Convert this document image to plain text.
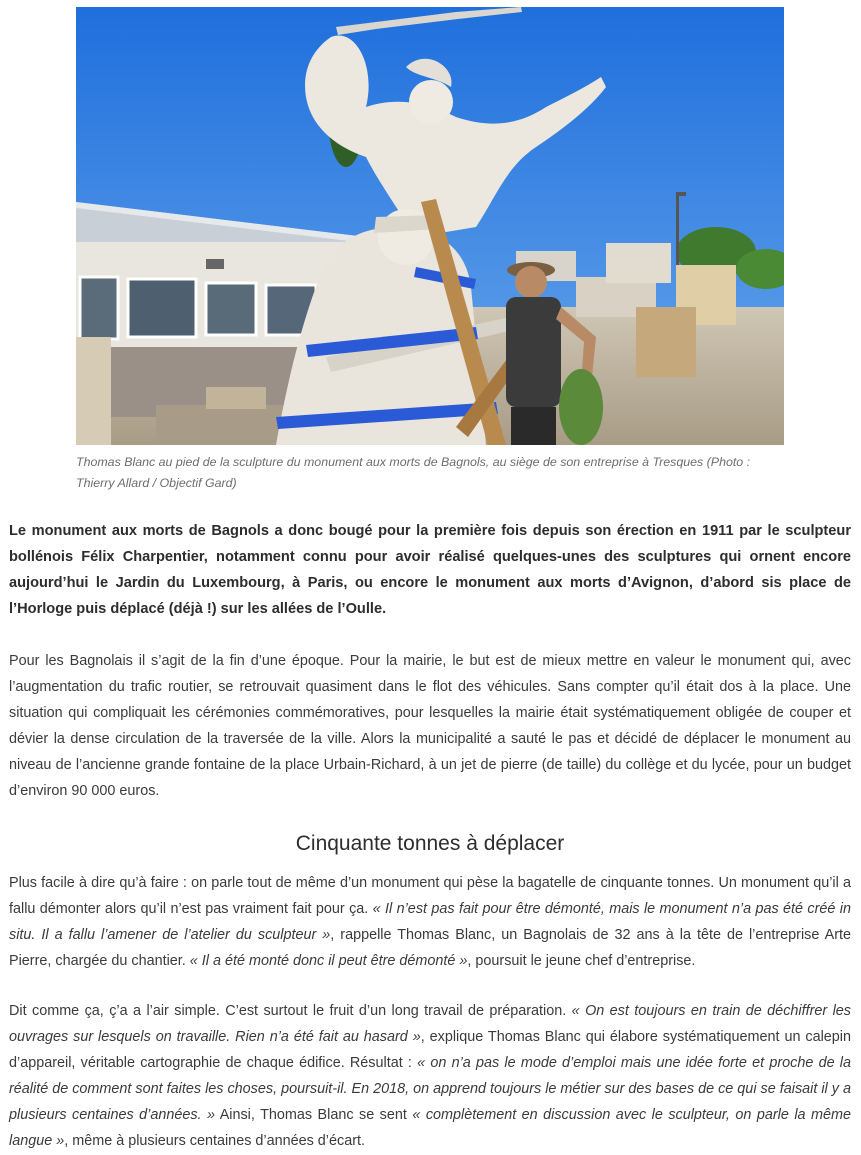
Thomas Blanc au pied de la sculpture du monument aux morts de Bagnols, au siège de son entreprise à Tresques (Photo : Thierry Allard / Objectif Gard)

Le monument aux morts de Bagnols a donc bougé pour la première fois depuis son érection en 1911 par le sculpteur bollénois Félix Charpentier, notamment connu pour avoir réalisé quelques-unes des sculptures qui ornent encore aujourd’hui le Jardin du Luxembourg, à Paris, ou encore le monument aux morts d’Avignon, d’abord sis place de l’Horloge puis déplacé (déjà !) sur les allées de l’Oulle.

Pour les Bagnolais il s’agit de la fin d’une époque. Pour la mairie, le but est de mieux mettre en valeur le monument qui, avec l’augmentation du trafic routier, se retrouvait quasiment dans le flot des véhicules. Sans compter qu’il était dos à la place. Une situation qui compliquait les cérémonies commémoratives, pour lesquelles la mairie était systématiquement obligée de couper et dévier la dense circulation de la traversée de la ville. Alors la municipalité a sauté le pas et décidé de déplacer le monument au niveau de l’ancienne grande fontaine de la place Urbain-Richard, à un jet de pierre (de taille) du collège et du lycée, pour un budget d’environ 90 000 euros.

Cinquante tonnes à déplacer

Plus facile à dire qu’à faire : on parle tout de même d’un monument qui pèse la bagatelle de cinquante tonnes. Un monument qu’il a fallu démonter alors qu’il n’est pas vraiment fait pour ça. « Il n’est pas fait pour être démonté, mais le monument n’a pas été créé in situ. Il a fallu l’amener de l’atelier du sculpteur », rappelle Thomas Blanc, un Bagnolais de 32 ans à la tête de l’entreprise Arte Pierre, chargée du chantier. « Il a été monté donc il peut être démonté », poursuit le jeune chef d’entreprise.

Dit comme ça, ç’a a l’air simple. C’est surtout le fruit d’un long travail de préparation. « On est toujours en train de déchiffrer les ouvrages sur lesquels on travaille. Rien n’a été fait au hasard », explique Thomas Blanc qui élabore systématiquement un calepin d’appareil, véritable cartographie de chaque édifice. Résultat : « on n’a pas le mode d’emploi mais une idée forte et proche de la réalité de comment sont faites les choses, poursuit-il. En 2018, on apprend toujours le métier sur des bases de ce qui se faisait il y a plusieurs centaines d’années. » Ainsi, Thomas Blanc se sent « complètement en discussion avec le sculpteur, on parle la même langue », même à plusieurs centaines d’années d’écart.
